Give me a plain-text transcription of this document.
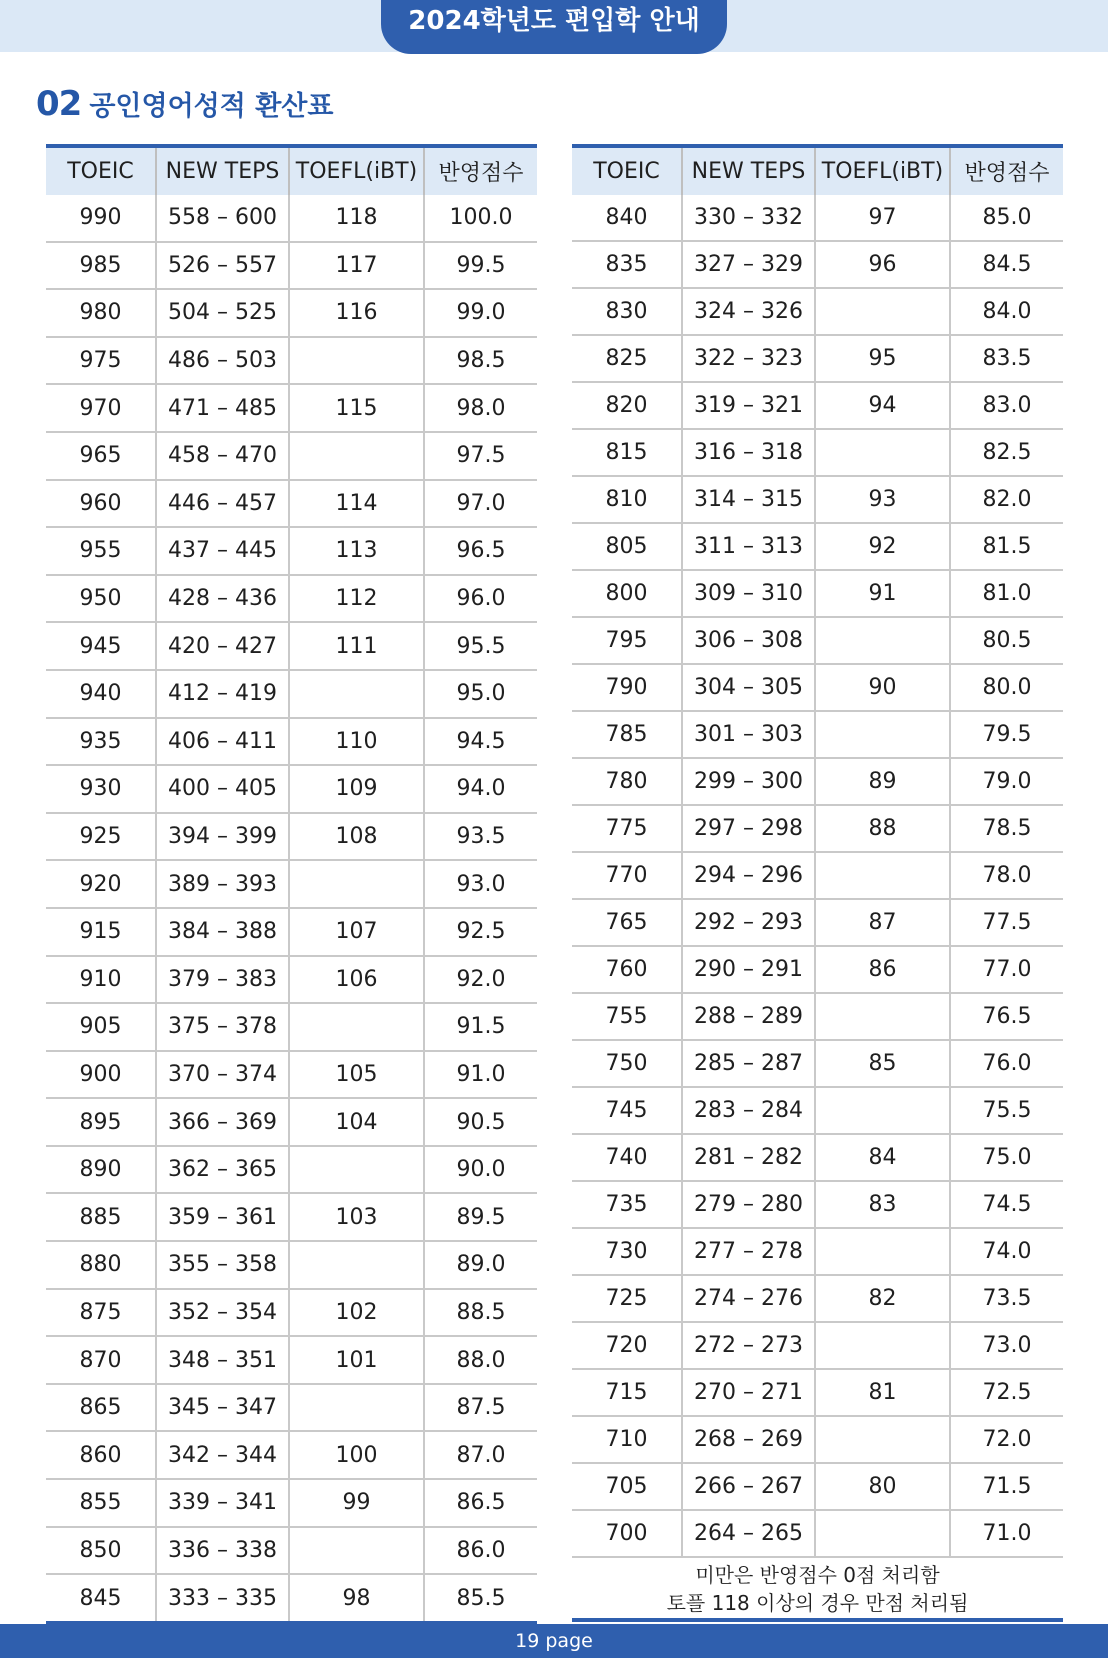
2024학년도 편입학 안내
02 공인영어성적 환산표
TOEIC	NEW TEPS	TOEFL(iBT)	반영점수
990	558 – 600	118	100.0
985	526 – 557	117	99.5
980	504 – 525	116	99.0
975	486 – 503		98.5
970	471 – 485	115	98.0
965	458 – 470		97.5
960	446 – 457	114	97.0
955	437 – 445	113	96.5
950	428 – 436	112	96.0
945	420 – 427	111	95.5
940	412 – 419		95.0
935	406 – 411	110	94.5
930	400 – 405	109	94.0
925	394 – 399	108	93.5
920	389 – 393		93.0
915	384 – 388	107	92.5
910	379 – 383	106	92.0
905	375 – 378		91.5
900	370 – 374	105	91.0
895	366 – 369	104	90.5
890	362 – 365		90.0
885	359 – 361	103	89.5
880	355 – 358		89.0
875	352 – 354	102	88.5
870	348 – 351	101	88.0
865	345 – 347		87.5
860	342 – 344	100	87.0
855	339 – 341	99	86.5
850	336 – 338		86.0
845	333 – 335	98	85.5
TOEIC	NEW TEPS	TOEFL(iBT)	반영점수
840	330 – 332	97	85.0
835	327 – 329	96	84.5
830	324 – 326		84.0
825	322 – 323	95	83.5
820	319 – 321	94	83.0
815	316 – 318		82.5
810	314 – 315	93	82.0
805	311 – 313	92	81.5
800	309 – 310	91	81.0
795	306 – 308		80.5
790	304 – 305	90	80.0
785	301 – 303		79.5
780	299 – 300	89	79.0
775	297 – 298	88	78.5
770	294 – 296		78.0
765	292 – 293	87	77.5
760	290 – 291	86	77.0
755	288 – 289		76.5
750	285 – 287	85	76.0
745	283 – 284		75.5
740	281 – 282	84	75.0
735	279 – 280	83	74.5
730	277 – 278		74.0
725	274 – 276	82	73.5
720	272 – 273		73.0
715	270 – 271	81	72.5
710	268 – 269		72.0
705	266 – 267	80	71.5
700	264 – 265		71.0

미만은 반영점수 0점 처리함
토플 118 이상의 경우 만점 처리됨			
19 page
